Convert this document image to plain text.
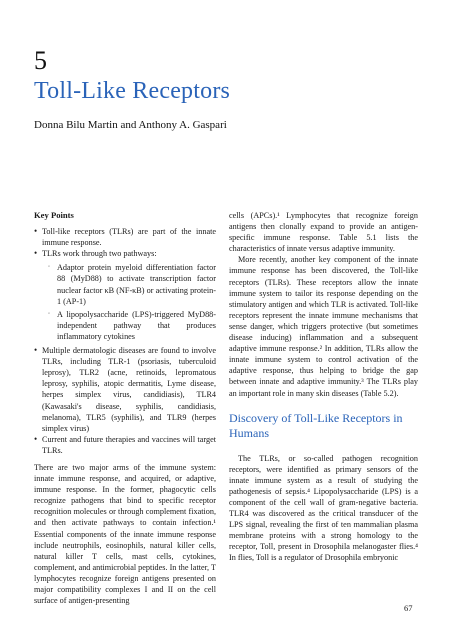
5
Toll-Like Receptors
Donna Bilu Martin and Anthony A. Gaspari
Key Points
• Toll-like receptors (TLRs) are part of the innate immune response.
• TLRs work through two pathways:
◦ Adaptor protein myeloid differentiation factor 88 (MyD88) to activate transcription factor nuclear factor κB (NF-κB) or activating protein-1 (AP-1)
◦ A lipopolysaccharide (LPS)-triggered MyD88-independent pathway that produces inflammatory cytokines
• Multiple dermatologic diseases are found to involve TLRs, including TLR-1 (psoriasis, tuberculoid leprosy), TLR2 (acne, retinoids, lepromatous leprosy, syphilis, atopic dermatitis, Lyme disease, herpes simplex virus, candidiasis), TLR4 (Kawasaki's disease, syphilis, candidiasis, melanoma), TLR5 (syphilis), and TLR9 (herpes simplex virus)
• Current and future therapies and vaccines will target TLRs.

There are two major arms of the immune system: innate immune response, and acquired, or adaptive, immune response. In the former, phagocytic cells recognize pathogens that bind to specific receptor recognition molecules or through complement fixation, and then activate pathways to contain infection.¹ Essential components of the innate immune response include neutrophils, eosinophils, natural killer cells, natural killer T cells, mast cells, cytokines, complement, and antimicrobial peptides. In the latter, T lymphocytes recognize foreign antigens presented on major compatibility complexes I and II on the cell surface of antigen-presenting

cells (APCs).¹ Lymphocytes that recognize foreign antigens then clonally expand to provide an antigen-specific immune response. Table 5.1 lists the characteristics of innate versus adaptive immunity.

More recently, another key component of the innate immune response has been discovered, the Toll-like receptors (TLRs). These receptors allow the innate immune system to tailor its response depending on the stimulatory antigen and which TLR is activated. Toll-like receptors represent the innate immune mechanisms that sense danger, which triggers protective (but sometimes disease inducing) inflammation and a subsequent adaptive immune response.² In addition, TLRs allow the innate immune system to control activation of the adaptive response, thus helping to bridge the gap between innate and adaptive immunity.³ The TLRs play an important role in many skin diseases (Table 5.2).

Discovery of Toll-Like Receptors in Humans

The TLRs, or so-called pathogen recognition receptors, were identified as primary sensors of the innate immune system as a result of studying the pathogenesis of sepsis.⁴ Lipopolysaccharide (LPS) is a component of the cell wall of gram-negative bacteria. TLR4 was discovered as the critical transducer of the LPS signal, revealing the first of ten mammalian plasma membrane proteins with a strong homology to the receptor, Toll, present in Drosophila melanogaster flies.⁴ In flies, Toll is a regulator of Drosophila embryonic

67
